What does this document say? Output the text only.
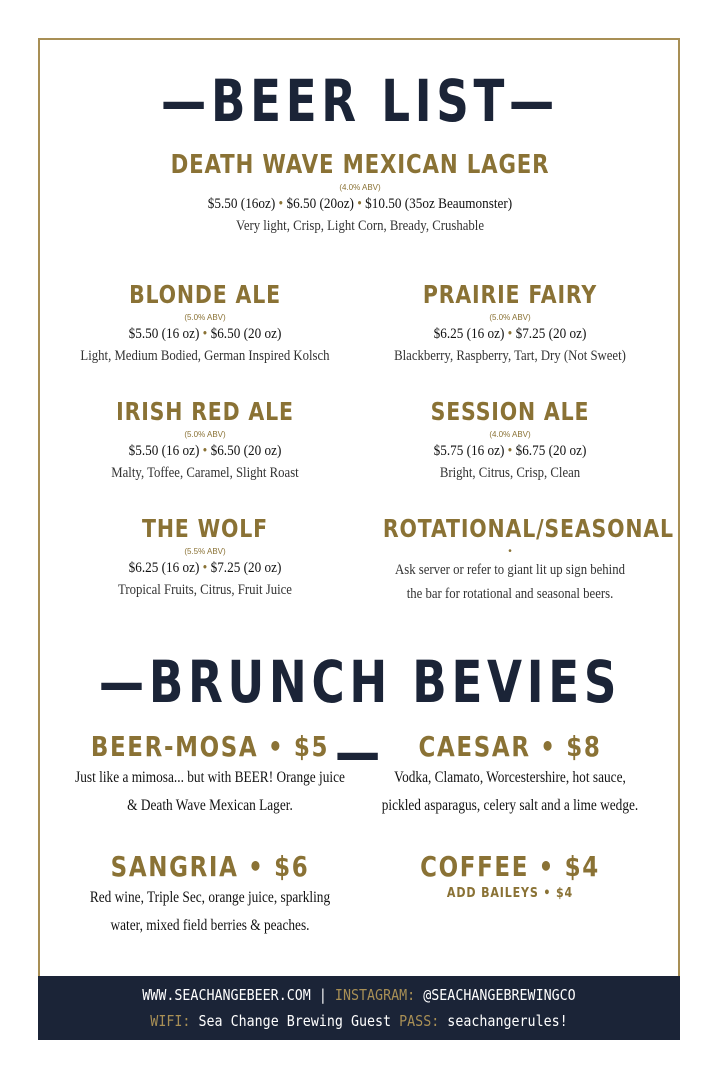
—BEER LIST—
DEATH WAVE MEXICAN LAGER
(4.0% ABV)
$5.50 (16oz) • $6.50 (20oz) • $10.50 (35oz Beaumonster)
Very light, Crisp, Light Corn, Bready, Crushable
BLONDE ALE
(5.0% ABV)
$5.50 (16 oz) • $6.50 (20 oz)
Light, Medium Bodied, German Inspired Kolsch
PRAIRIE FAIRY
(5.0% ABV)
$6.25 (16 oz) • $7.25 (20 oz)
Blackberry, Raspberry, Tart, Dry (Not Sweet)
IRISH RED ALE
(5.0% ABV)
$5.50 (16 oz) • $6.50 (20 oz)
Malty, Toffee, Caramel, Slight Roast
SESSION ALE
(4.0% ABV)
$5.75 (16 oz) • $6.75 (20 oz)
Bright, Citrus, Crisp, Clean
THE WOLF
(5.5% ABV)
$6.25 (16 oz) • $7.25 (20 oz)
Tropical Fruits, Citrus, Fruit Juice
ROTATIONAL/SEASONAL
•
Ask server or refer to giant lit up sign behind
the bar for rotational and seasonal beers.
—BRUNCH BEVIES—
BEER-MOSA • $5
Just like a mimosa... but with BEER! Orange juice
& Death Wave Mexican Lager.
CAESAR • $8
Vodka, Clamato, Worcestershire, hot sauce,
pickled asparagus, celery salt and a lime wedge.
SANGRIA • $6
Red wine, Triple Sec, orange juice, sparkling
water, mixed field berries & peaches.
COFFEE • $4
ADD BAILEYS • $4
WWW.SEACHANGEBEER.COM | INSTAGRAM: @SEACHANGEBREWINGCO
WIFI: Sea Change Brewing Guest PASS: seachangerules!
